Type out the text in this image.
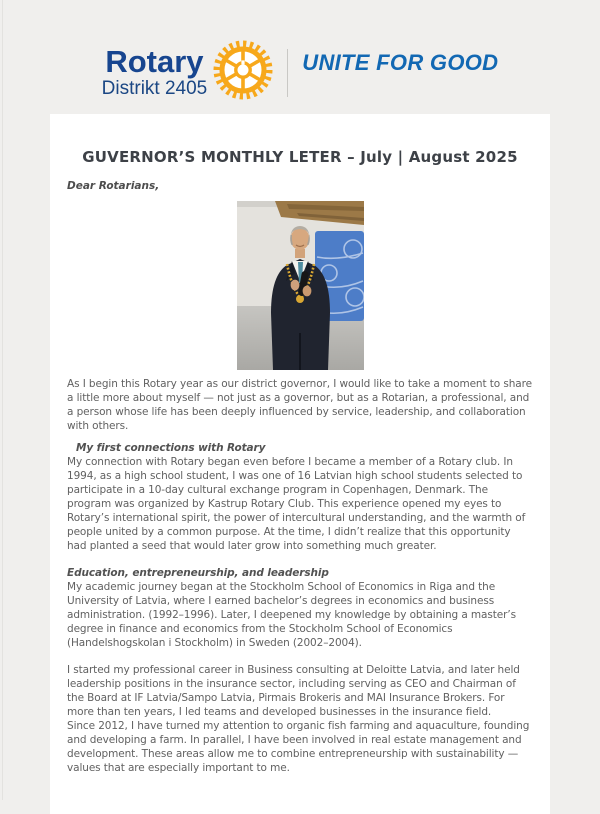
Rotary
Distrikt 2405
UNITE FOR GOOD
GUVERNOR’S MONTHLY LETER – July | August 2025
Dear Rotarians,
As I begin this Rotary year as our district governor, I would like to take a moment to share a little more about myself — not just as a governor, but as a Rotarian, a professional, and a person whose life has been deeply influenced by service, leadership, and collaboration with others.
My first connections with Rotary
My connection with Rotary began even before I became a member of a Rotary club. In 1994, as a high school student, I was one of 16 Latvian high school students selected to participate in a 10-day cultural exchange program in Copenhagen, Denmark. The program was organized by Kastrup Rotary Club. This experience opened my eyes to Rotary’s international spirit, the power of intercultural understanding, and the warmth of people united by a common purpose. At the time, I didn’t realize that this opportunity had planted a seed that would later grow into something much greater.
Education, entrepreneurship, and leadership
My academic journey began at the Stockholm School of Economics in Riga and the University of Latvia, where I earned bachelor’s degrees in economics and business administration. (1992–1996). Later, I deepened my knowledge by obtaining a master’s degree in finance and economics from the Stockholm School of Economics (Handelshogskolan i Stockholm) in Sweden (2002–2004).
I started my professional career in Business consulting at Deloitte Latvia, and later held leadership positions in the insurance sector, including serving as CEO and Chairman of the Board at IF Latvia/Sampo Latvia, Pirmais Brokeris and MAI Insurance Brokers. For more than ten years, I led teams and developed businesses in the insurance field.
Since 2012, I have turned my attention to organic fish farming and aquaculture, founding and developing a farm. In parallel, I have been involved in real estate management and development. These areas allow me to combine entrepreneurship with sustainability — values that are especially important to me.
